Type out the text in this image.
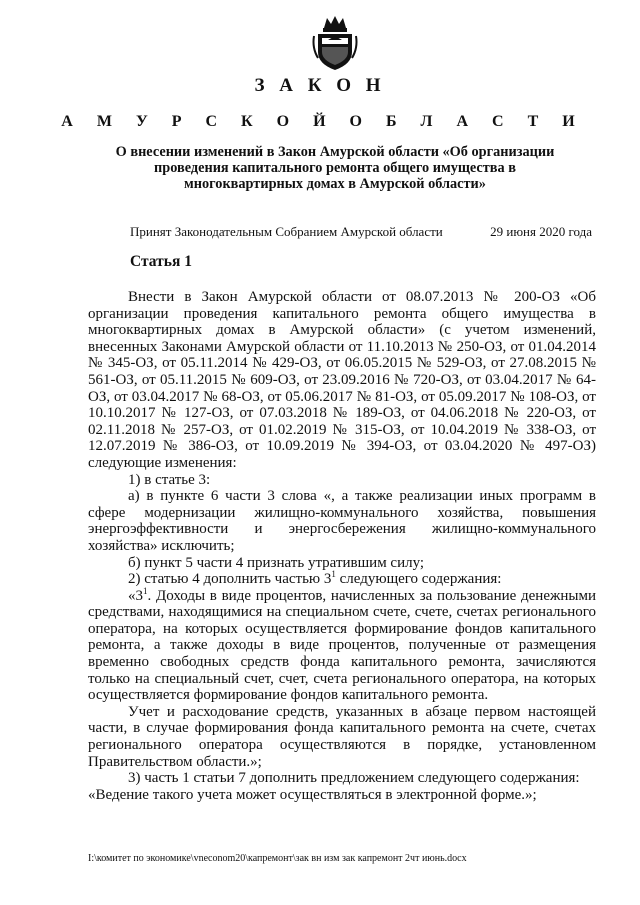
З А К О Н
А М У Р С К О Й О Б Л А С Т И
О внесении изменений в Закон Амурской области «Об организации проведения капитального ремонта общего имущества в многоквартирных домах в Амурской области»
Принят Законодательным Собранием Амурской области	29 июня 2020 года
Статья 1

Внести в Закон Амурской области от 08.07.2013 № 200-ОЗ «Об организации проведения капитального ремонта общего имущества в многоквартирных домах в Амурской области» (с учетом изменений, внесенных Законами Амурской области от 11.10.2013 № 250-ОЗ, от 01.04.2014 № 345-ОЗ, от 05.11.2014 № 429-ОЗ, от 06.05.2015 № 529-ОЗ, от 27.08.2015 № 561-ОЗ, от 05.11.2015 № 609-ОЗ, от 23.09.2016 № 720-ОЗ, от 03.04.2017 № 64-ОЗ, от 03.04.2017 № 68-ОЗ, от 05.06.2017 № 81-ОЗ, от 05.09.2017 № 108-ОЗ, от 10.10.2017 № 127-ОЗ, от 07.03.2018 № 189-ОЗ, от 04.06.2018 № 220-ОЗ, от 02.11.2018 № 257-ОЗ, от 01.02.2019 № 315-ОЗ, от 10.04.2019 № 338-ОЗ, от 12.07.2019 № 386-ОЗ, от 10.09.2019 № 394-ОЗ, от 03.04.2020 № 497-ОЗ) следующие изменения:

1) в статье 3:

а) в пункте 6 части 3 слова «, а также реализации иных программ в сфере модернизации жилищно-коммунального хозяйства, повышения энергоэффективности и энергосбережения жилищно-коммунального хозяйства» исключить;

б) пункт 5 части 4 признать утратившим силу;

2) статью 4 дополнить частью $3^1$ следующего содержания:

«$3^1$. Доходы в виде процентов, начисленных за пользование денежными средствами, находящимися на специальном счете, счете, счетах регионального оператора, на которых осуществляется формирование фондов капитального ремонта, а также доходы в виде процентов, полученные от размещения временно свободных средств фонда капитального ремонта, зачисляются только на специальный счет, счет, счета регионального оператора, на которых осуществляется формирование фондов капитального ремонта.

Учет и расходование средств, указанных в абзаце первом настоящей части, в случае формирования фонда капитального ремонта на счете, счетах регионального оператора осуществляются в порядке, установленном Правительством области.»;

3) часть 1 статьи 7 дополнить предложением следующего содержания:

«Ведение такого учета может осуществляться в электронной форме.»;

I:\комитет по экономике\vneconom20\капремонт\зак вн изм зак капремонт 2чт июнь.docx
